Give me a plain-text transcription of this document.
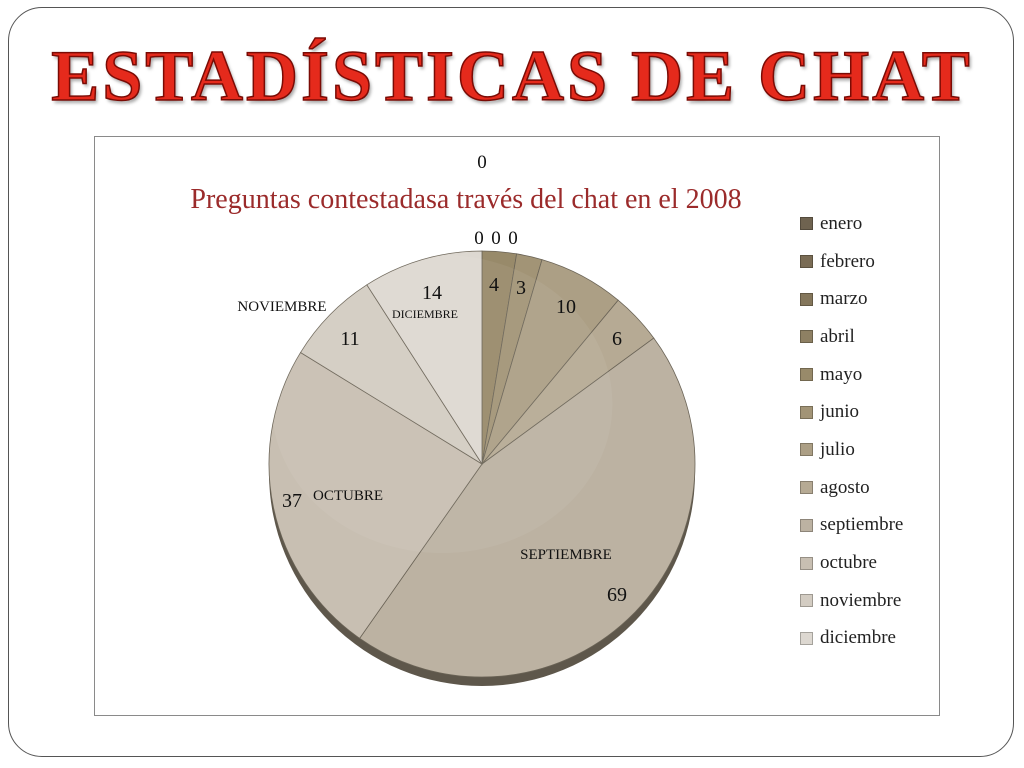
ESTADÍSTICAS DE CHAT
Preguntas contestadasa través del chat en el 2008
0
0 0 0
4 3
10
6
69
37
11
14
SEPTIEMBRE
OCTUBRE
NOVIEMBRE	DICIEMBRE
enero
febrero
marzo
abril
mayo
junio
julio
agosto
septiembre
octubre
noviembre
diciembre
